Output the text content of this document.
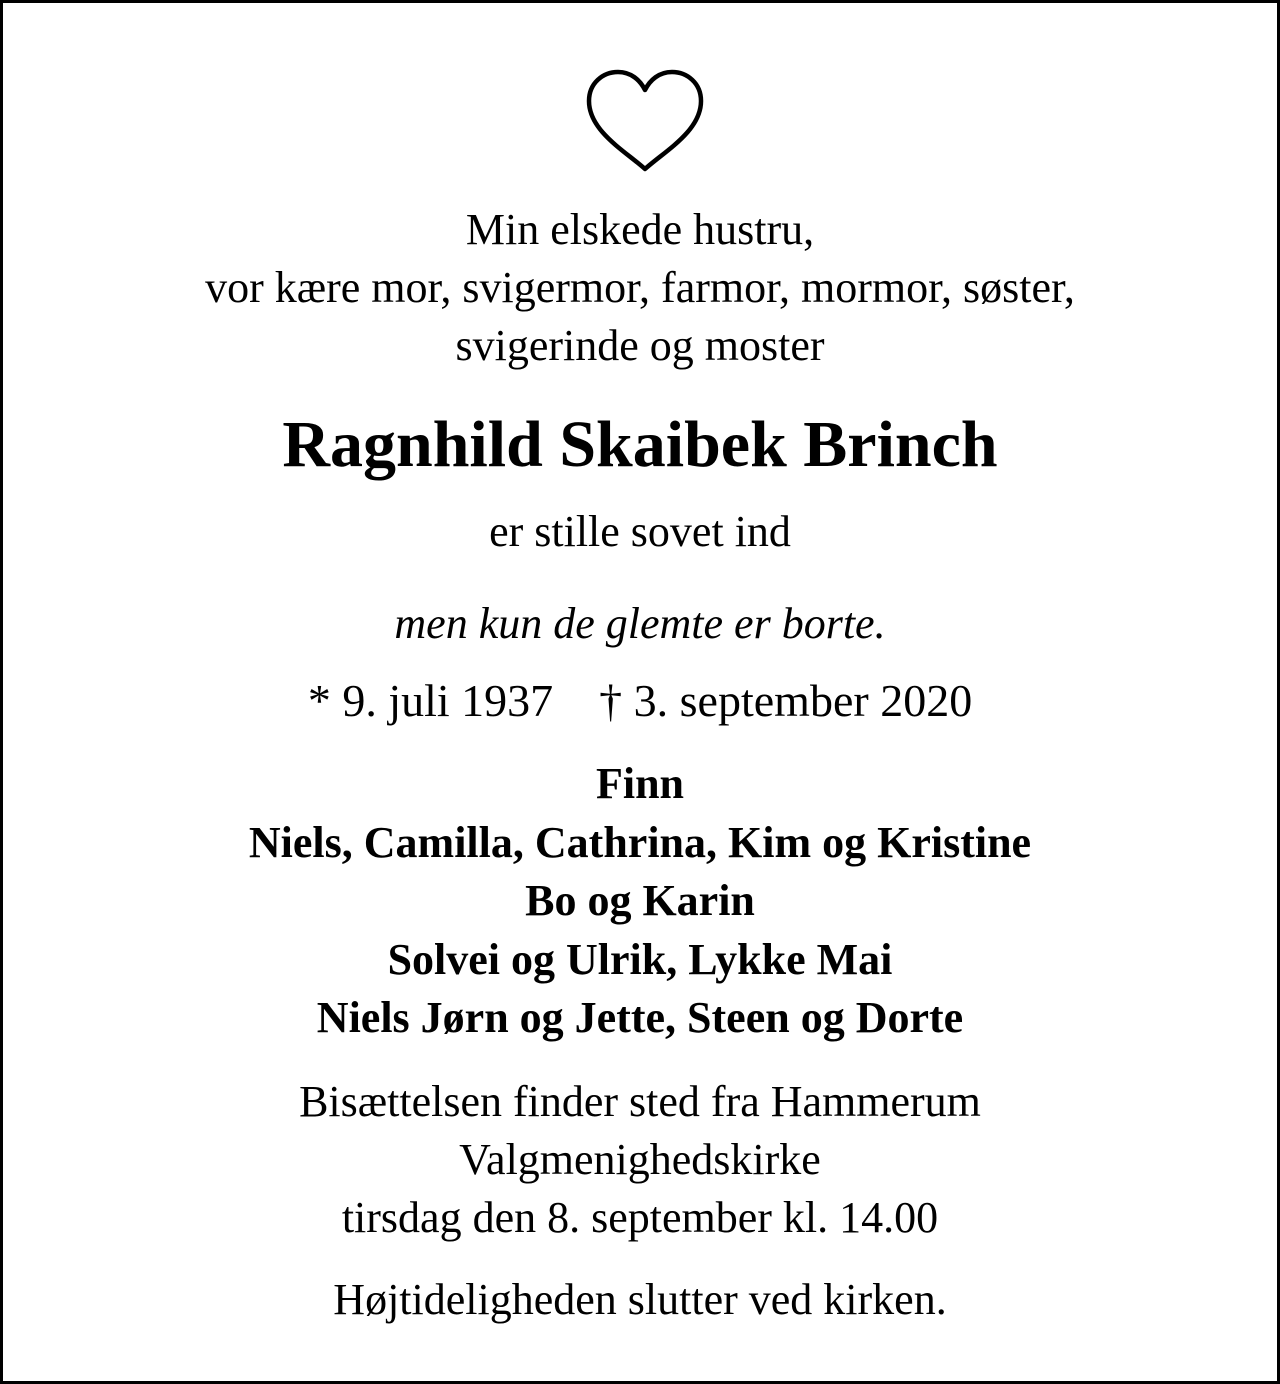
Min elskede hustru,
vor kære mor, svigermor, farmor, mormor, søster,
svigerinde og moster
Ragnhild Skaibek Brinch
er stille sovet ind
men kun de glemte er borte.
* 9. juli 1937 † 3. september 2020
Finn
Niels, Camilla, Cathrina, Kim og Kristine
Bo og Karin
Solvei og Ulrik, Lykke Mai
Niels Jørn og Jette, Steen og Dorte
Bisættelsen finder sted fra Hammerum
Valgmenighedskirke
tirsdag den 8. september kl. 14.00
Højtideligheden slutter ved kirken.
